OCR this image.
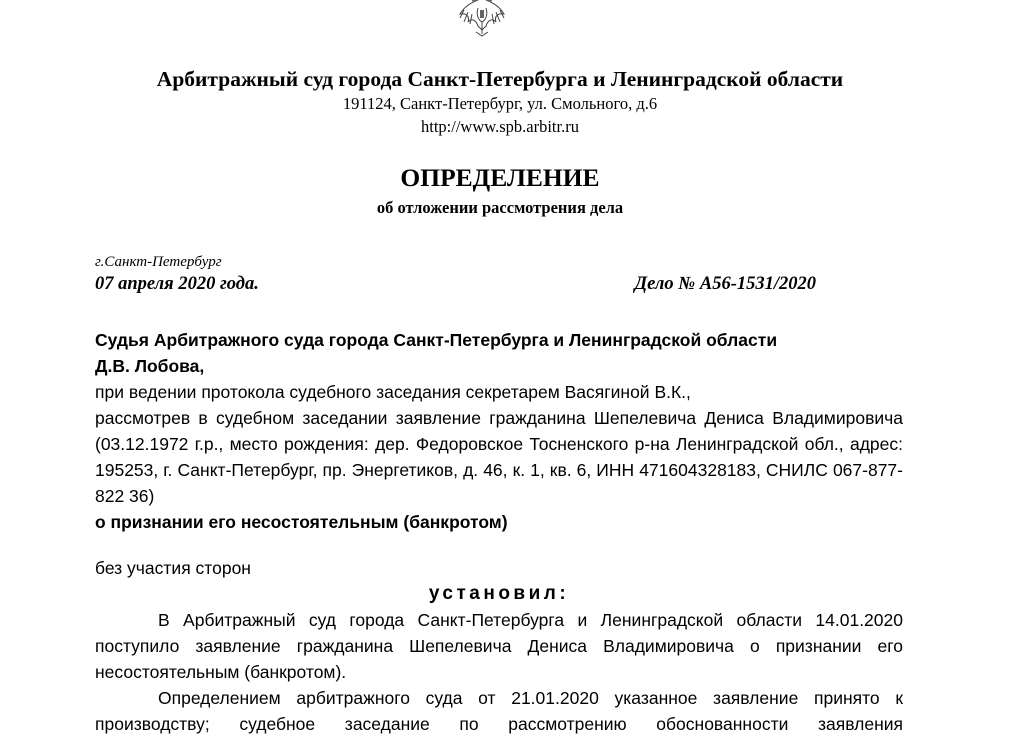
Арбитражный суд города Санкт-Петербурга и Ленинградской области
191124, Санкт-Петербург, ул. Смольного, д.6
http://www.spb.arbitr.ru
ОПРЕДЕЛЕНИЕ
об отложении рассмотрения дела
г.Санкт-Петербург
07 апреля 2020 года.	Дело № А56-1531/2020
Судья Арбитражного суда города Санкт-Петербурга и Ленинградской области
Д.В. Лобова,
при ведении протокола судебного заседания секретарем Васягиной В.К.,
рассмотрев в судебном заседании заявление гражданина Шепелевича Дениса Владимировича (03.12.1972 г.р., место рождения: дер. Федоровское Тосненского р-на Ленинградской обл., адрес: 195253, г. Санкт-Петербург, пр. Энергетиков, д. 46, к. 1, кв. 6, ИНН 471604328183, СНИЛС 067-877-822 36)
о признании его несостоятельным (банкротом)
без участия сторон
установил:
В Арбитражный суд города Санкт-Петербурга и Ленинградской области 14.01.2020 поступило заявление гражданина Шепелевича Дениса Владимировича о признании его несостоятельным (банкротом).
Определением арбитражного суда от 21.01.2020 указанное заявление принято к производству; судебное заседание по рассмотрению обоснованности заявления
